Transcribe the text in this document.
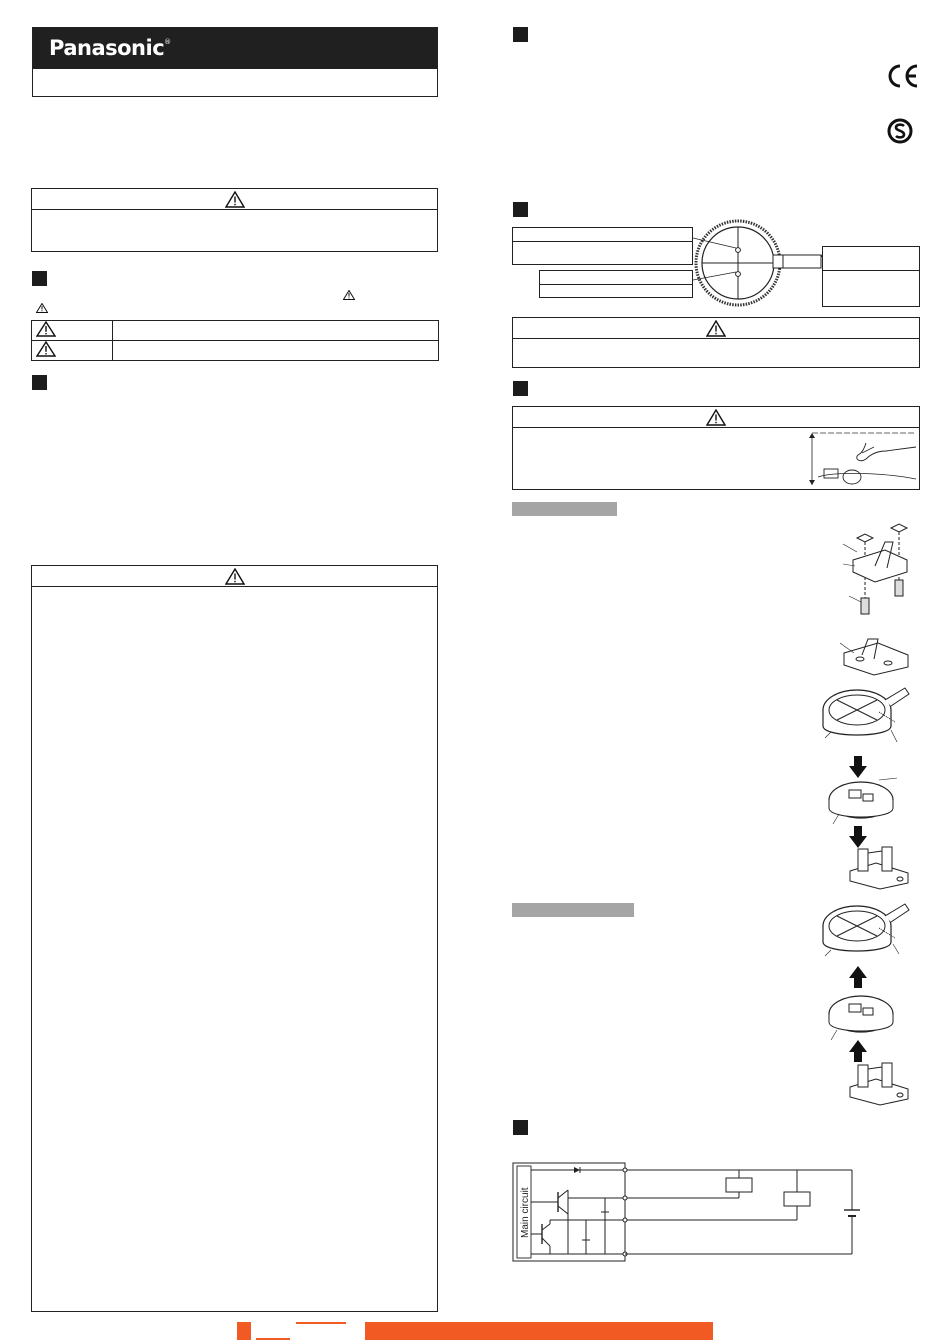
Panasonic®

Main circuit
